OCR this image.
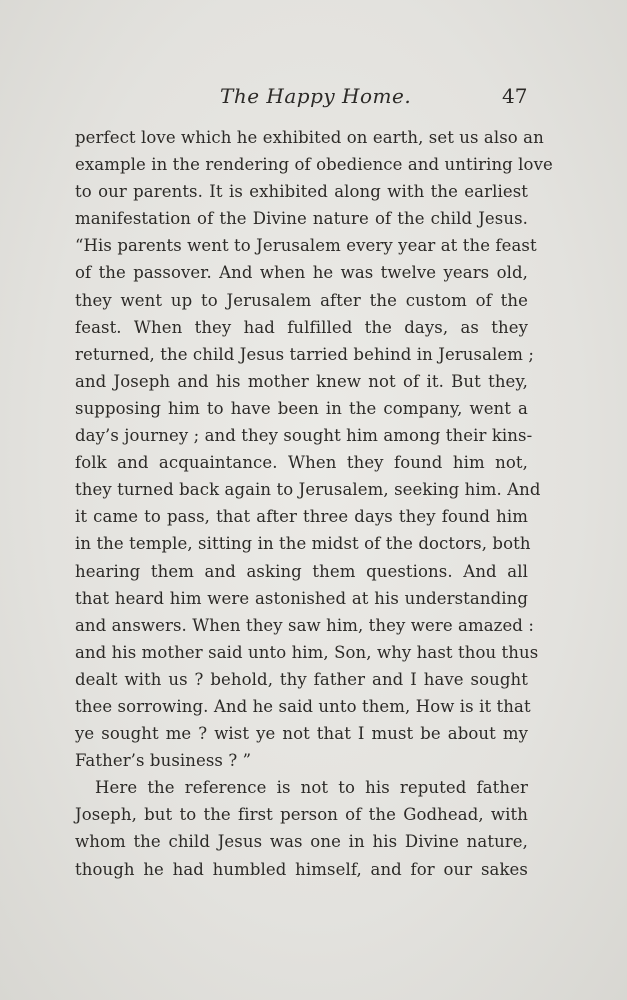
The Happy Home.	47
perfect love which he exhibited on earth, set us also an
example in the rendering of obedience and untiring love
to our parents. It is exhibited along with the earliest
manifestation of the Divine nature of the child Jesus.
“His parents went to Jerusalem every year at the feast
of the passover. And when he was twelve years old,
they went up to Jerusalem after the custom of the
feast. When they had fulfilled the days, as they
returned, the child Jesus tarried behind in Jerusalem ;
and Joseph and his mother knew not of it. But they,
supposing him to have been in the company, went a
day’s journey ; and they sought him among their kins-
folk and acquaintance. When they found him not,
they turned back again to Jerusalem, seeking him. And
it came to pass, that after three days they found him
in the temple, sitting in the midst of the doctors, both
hearing them and asking them questions. And all
that heard him were astonished at his understanding
and answers. When they saw him, they were amazed :
and his mother said unto him, Son, why hast thou thus
dealt with us ? behold, thy father and I have sought
thee sorrowing. And he said unto them, How is it that
ye sought me ? wist ye not that I must be about my
Father’s business ? ”
Here the reference is not to his reputed father
Joseph, but to the first person of the Godhead, with
whom the child Jesus was one in his Divine nature,
though he had humbled himself, and for our sakes
